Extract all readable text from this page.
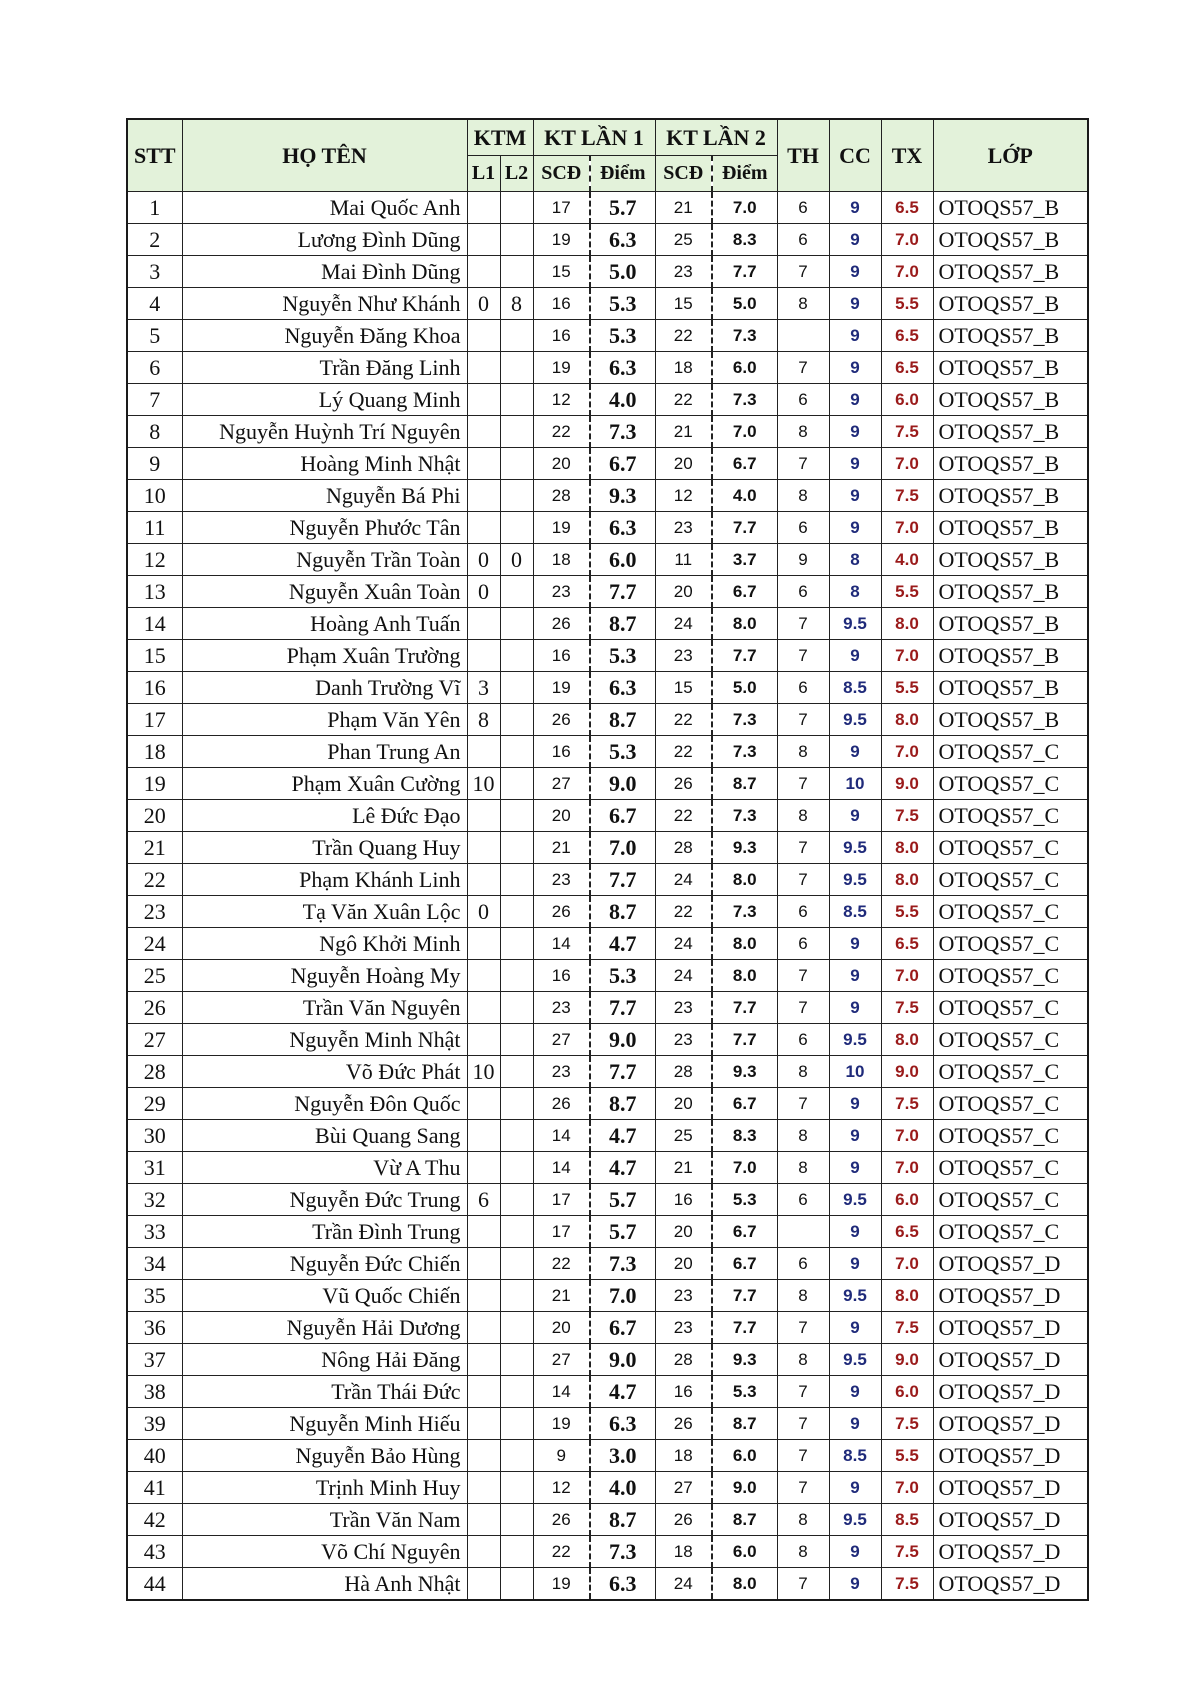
STT	HỌ TÊN	KTM		KT LẦN 1		KT LẦN 2		TH	CC	TX	LỚP
		L1	L2	SCĐ	Điểm	SCĐ	Điểm				
1	Mai Quốc Anh			17	5.7	21	7.0	6	9	6.5	OTOQS57_B
2	Lương Đình Dũng			19	6.3	25	8.3	6	9	7.0	OTOQS57_B
3	Mai Đình Dũng			15	5.0	23	7.7	7	9	7.0	OTOQS57_B
4	Nguyễn Như Khánh	0	8	16	5.3	15	5.0	8	9	5.5	OTOQS57_B
5	Nguyễn Đăng Khoa			16	5.3	22	7.3		9	6.5	OTOQS57_B
6	Trần Đăng Linh			19	6.3	18	6.0	7	9	6.5	OTOQS57_B
7	Lý Quang Minh			12	4.0	22	7.3	6	9	6.0	OTOQS57_B
8	Nguyễn Huỳnh Trí Nguyên			22	7.3	21	7.0	8	9	7.5	OTOQS57_B
9	Hoàng Minh Nhật			20	6.7	20	6.7	7	9	7.0	OTOQS57_B
10	Nguyễn Bá Phi			28	9.3	12	4.0	8	9	7.5	OTOQS57_B
11	Nguyễn Phước Tân			19	6.3	23	7.7	6	9	7.0	OTOQS57_B
12	Nguyễn Trần Toàn	0	0	18	6.0	11	3.7	9	8	4.0	OTOQS57_B
13	Nguyễn Xuân Toàn	0		23	7.7	20	6.7	6	8	5.5	OTOQS57_B
14	Hoàng Anh Tuấn			26	8.7	24	8.0	7	9.5	8.0	OTOQS57_B
15	Phạm Xuân Trường			16	5.3	23	7.7	7	9	7.0	OTOQS57_B
16	Danh Trường Vĩ	3		19	6.3	15	5.0	6	8.5	5.5	OTOQS57_B
17	Phạm Văn Yên	8		26	8.7	22	7.3	7	9.5	8.0	OTOQS57_B
18	Phan Trung An			16	5.3	22	7.3	8	9	7.0	OTOQS57_C
19	Phạm Xuân Cường	10		27	9.0	26	8.7	7	10	9.0	OTOQS57_C
20	Lê Đức Đạo			20	6.7	22	7.3	8	9	7.5	OTOQS57_C
21	Trần Quang Huy			21	7.0	28	9.3	7	9.5	8.0	OTOQS57_C
22	Phạm Khánh Linh			23	7.7	24	8.0	7	9.5	8.0	OTOQS57_C
23	Tạ Văn Xuân Lộc	0		26	8.7	22	7.3	6	8.5	5.5	OTOQS57_C
24	Ngô Khởi Minh			14	4.7	24	8.0	6	9	6.5	OTOQS57_C
25	Nguyễn Hoàng My			16	5.3	24	8.0	7	9	7.0	OTOQS57_C
26	Trần Văn Nguyên			23	7.7	23	7.7	7	9	7.5	OTOQS57_C
27	Nguyễn Minh Nhật			27	9.0	23	7.7	6	9.5	8.0	OTOQS57_C
28	Võ Đức Phát	10		23	7.7	28	9.3	8	10	9.0	OTOQS57_C
29	Nguyễn Đôn Quốc			26	8.7	20	6.7	7	9	7.5	OTOQS57_C
30	Bùi Quang Sang			14	4.7	25	8.3	8	9	7.0	OTOQS57_C
31	Vừ A Thu			14	4.7	21	7.0	8	9	7.0	OTOQS57_C
32	Nguyễn Đức Trung	6		17	5.7	16	5.3	6	9.5	6.0	OTOQS57_C
33	Trần Đình Trung			17	5.7	20	6.7		9	6.5	OTOQS57_C
34	Nguyễn Đức Chiến			22	7.3	20	6.7	6	9	7.0	OTOQS57_D
35	Vũ Quốc Chiến			21	7.0	23	7.7	8	9.5	8.0	OTOQS57_D
36	Nguyễn Hải Dương			20	6.7	23	7.7	7	9	7.5	OTOQS57_D
37	Nông Hải Đăng			27	9.0	28	9.3	8	9.5	9.0	OTOQS57_D
38	Trần Thái Đức			14	4.7	16	5.3	7	9	6.0	OTOQS57_D
39	Nguyễn Minh Hiếu			19	6.3	26	8.7	7	9	7.5	OTOQS57_D
40	Nguyễn Bảo Hùng			9	3.0	18	6.0	7	8.5	5.5	OTOQS57_D
41	Trịnh Minh Huy			12	4.0	27	9.0	7	9	7.0	OTOQS57_D
42	Trần Văn Nam			26	8.7	26	8.7	8	9.5	8.5	OTOQS57_D
43	Võ Chí Nguyên			22	7.3	18	6.0	8	9	7.5	OTOQS57_D
44	Hà Anh Nhật			19	6.3	24	8.0	7	9	7.5	OTOQS57_D
